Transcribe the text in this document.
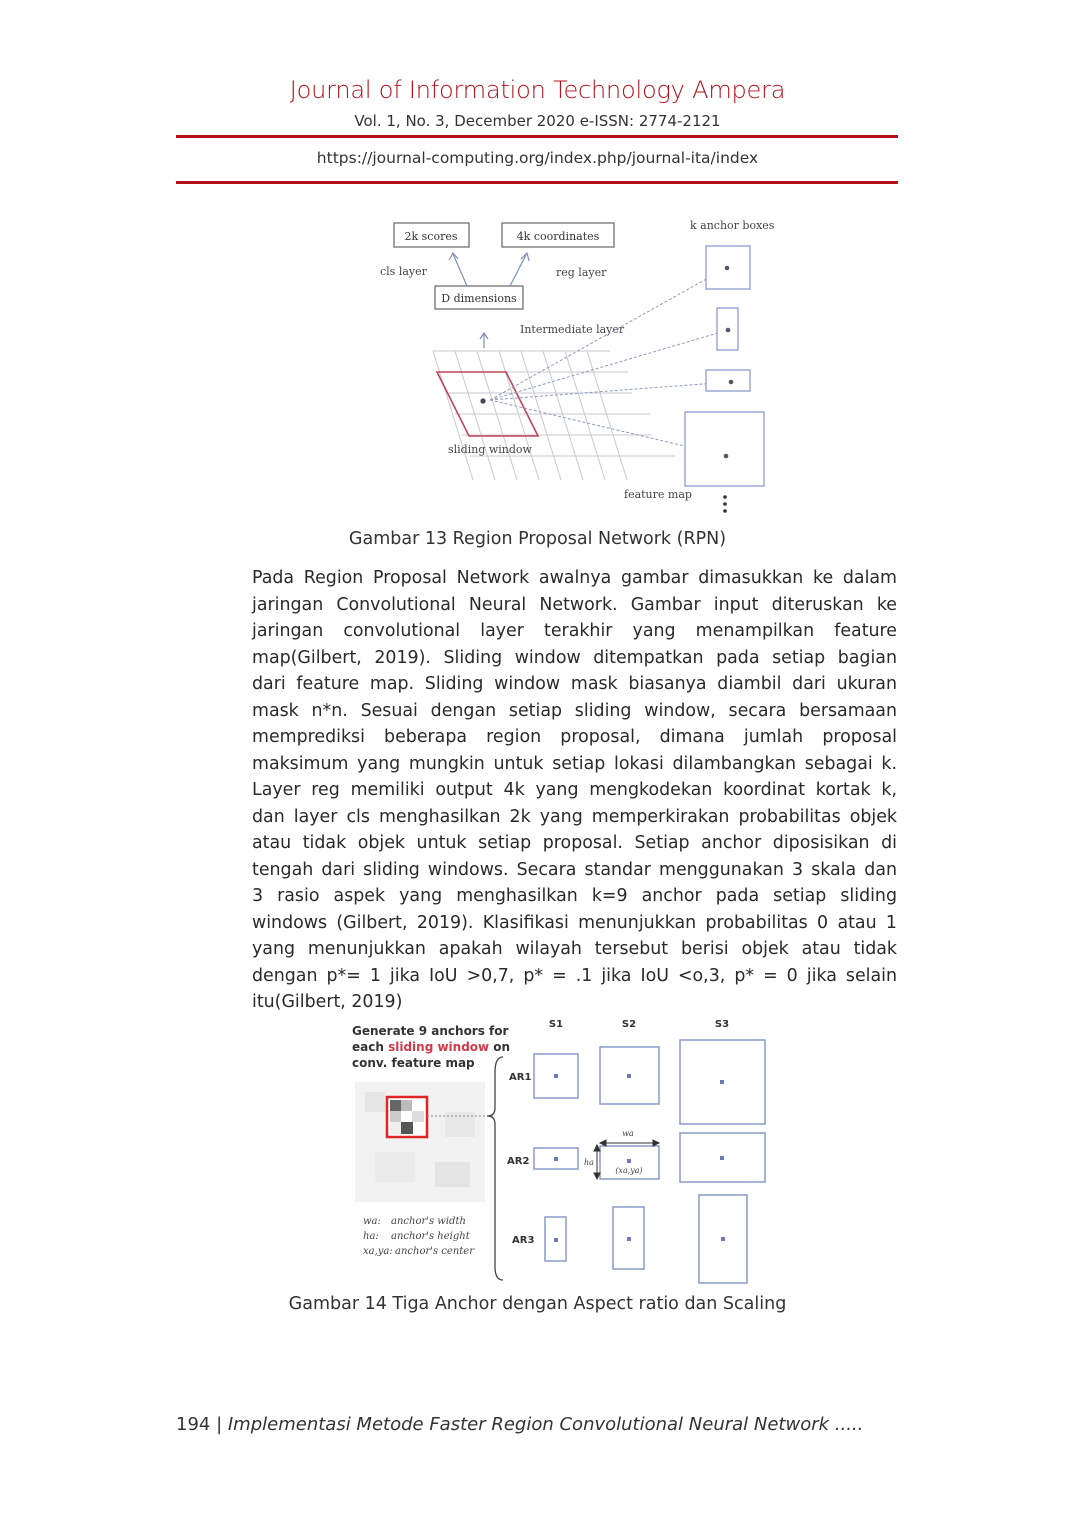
Journal of Information Technology Ampera
Vol. 1, No. 3, December 2020 e-ISSN: 2774-2121
https://journal-computing.org/index.php/journal-ita/index
2k scores	4k coordinates
cls layer	reg layer
D dimensions
Intermediate layer
k anchor boxes
sliding window
feature map
Gambar 13 Region Proposal Network (RPN)
Pada Region Proposal Network awalnya gambar dimasukkan ke dalam
jaringan Convolutional Neural Network. Gambar input diteruskan ke
jaringan convolutional layer terakhir yang menampilkan feature
map(Gilbert, 2019). Sliding window ditempatkan pada setiap bagian
dari feature map. Sliding window mask biasanya diambil dari ukuran
mask n*n. Sesuai dengan setiap sliding window, secara bersamaan
memprediksi beberapa region proposal, dimana jumlah proposal
maksimum yang mungkin untuk setiap lokasi dilambangkan sebagai k.
Layer reg memiliki output 4k yang mengkodekan koordinat kortak k,
dan layer cls menghasilkan 2k yang memperkirakan probabilitas objek
atau tidak objek untuk setiap proposal. Setiap anchor diposisikan di
tengah dari sliding windows. Secara standar menggunakan 3 skala dan
3 rasio aspek yang menghasilkan k=9 anchor pada setiap sliding
windows (Gilbert, 2019). Klasifikasi menunjukkan probabilitas 0 atau 1
yang menunjukkan apakah wilayah tersebut berisi objek atau tidak
dengan p*= 1 jika IoU >0,7, p* = .1 jika IoU <o,3, p* = 0 jika selain
itu(Gilbert, 2019)
Generate 9 anchors for
each sliding window on
conv. feature map
S1	S2	S3
AR1
AR2
AR3
wa
ha
(xa,ya)
wa: anchor's width
ha: anchor's height
xa,ya: anchor's center
Gambar 14 Tiga Anchor dengan Aspect ratio dan Scaling
194 | Implementasi Metode Faster Region Convolutional Neural Network .....
